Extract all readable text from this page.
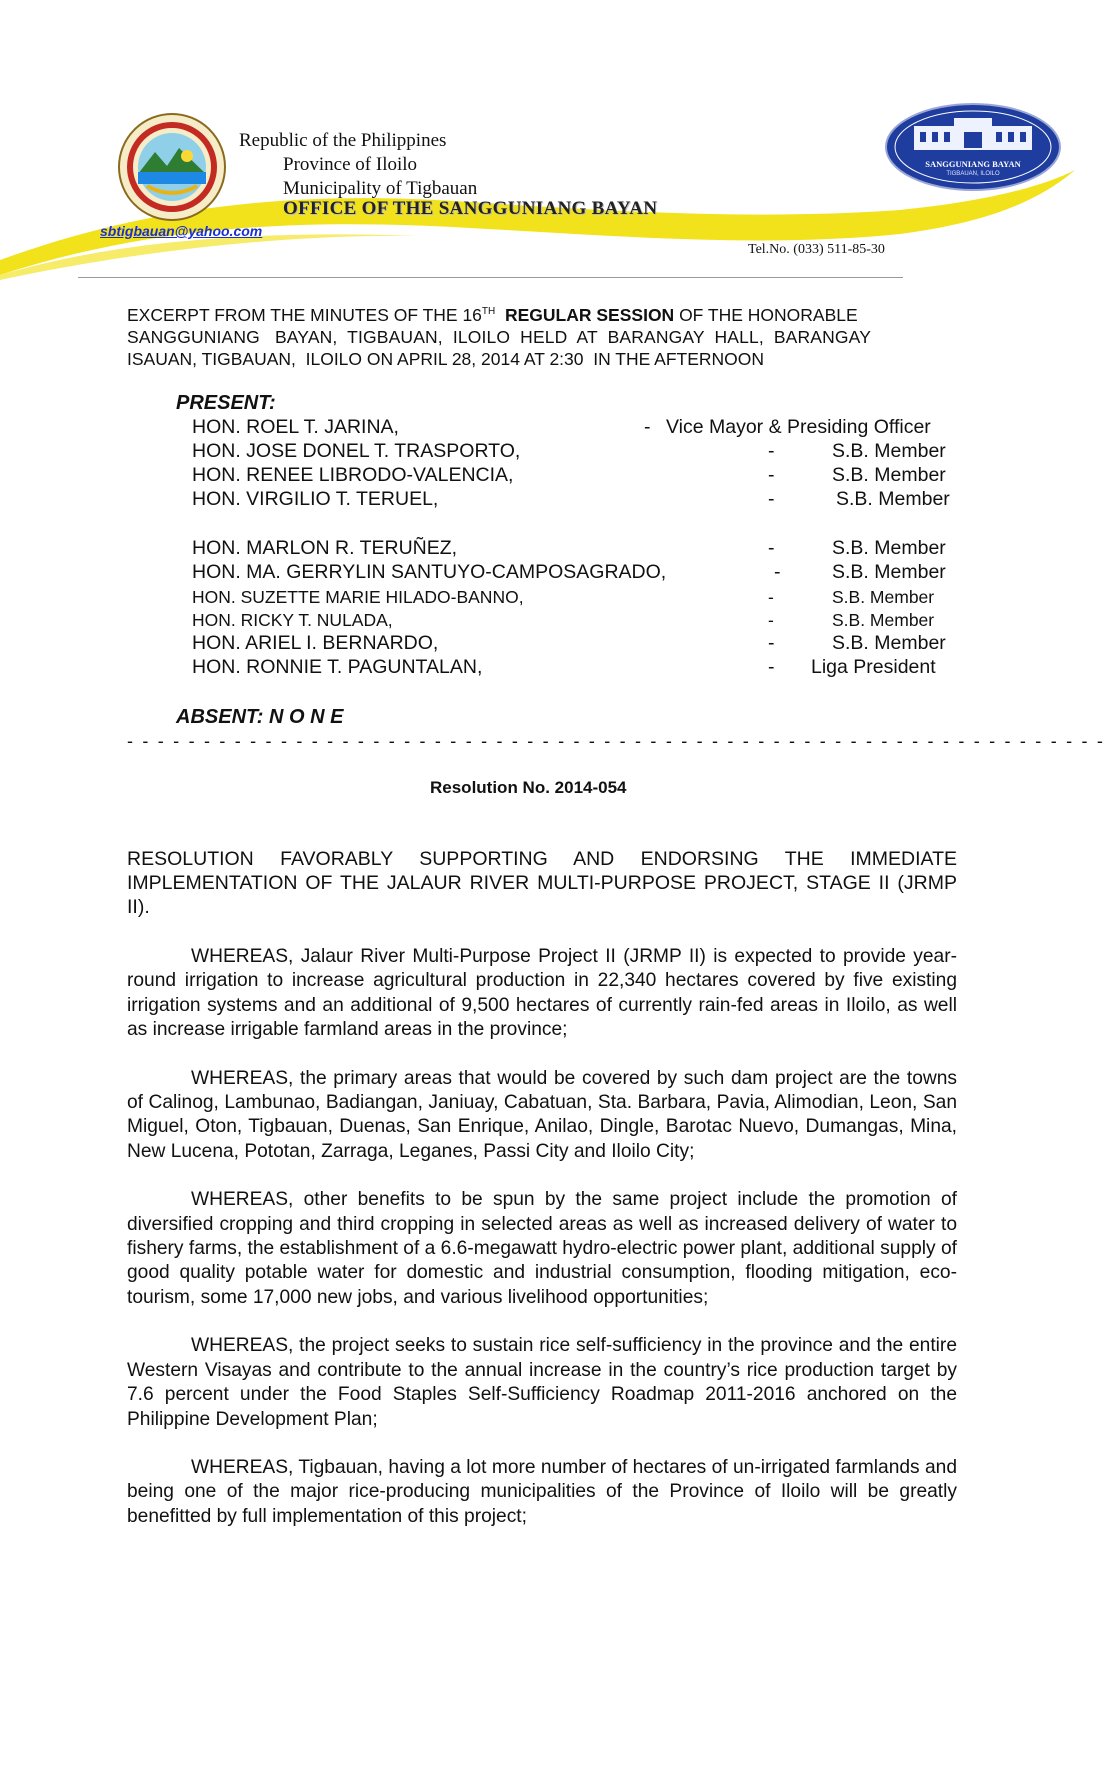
SANGGUNIANG BAYAN
TIGBAUAN, ILOILO
Republic of the Philippines
Province of Iloilo
Municipality of Tigbauan
OFFICE OF THE SANGGUNIANG BAYAN
sbtigbauan@yahoo.com
Tel.No. (033) 511-85-30

EXCERPT FROM THE MINUTES OF THE 16TH REGULAR SESSION OF THE HONORABLE

SANGGUNIANG   BAYAN,  TIGBAUAN,  ILOILO  HELD  AT  BARANGAY  HALL,  BARANGAY

ISAUAN, TIGBAUAN,  ILOILO ON APRIL 28, 2014 AT 2:30  IN THE AFTERNOON

PRESENT:
HON. ROEL T. JARINA,	- Vice Mayor & Presiding Officer
HON. JOSE DONEL T. TRASPORTO,	-	S.B. Member
HON. RENEE LIBRODO-VALENCIA,	-	S.B. Member
HON. VIRGILIO T. TERUEL,	-	S.B. Member
HON. MARLON R. TERUÑEZ,	-	S.B. Member
HON. MA. GERRYLIN SANTUYO-CAMPOSAGRADO,	-	S.B. Member
HON. SUZETTE MARIE HILADO-BANNO,	-	S.B. Member
HON. RICKY T. NULADA,	-	S.B. Member
HON. ARIEL I. BERNARDO,	-	S.B. Member
HON. RONNIE T. PAGUNTALAN,	- Liga President
ABSENT: N O N E
- - - - - - - - - - - - - - - - - - - - - - - - - - - - - - - - - - - - - - - - - - - - - - - - - - - - - - - - - - - - - - - -
Resolution No. 2014-054
RESOLUTION FAVORABLY SUPPORTING AND ENDORSING THE IMMEDIATE IMPLEMENTATION OF THE JALAUR RIVER MULTI-PURPOSE PROJECT, STAGE II (JRMP II).

WHEREAS, Jalaur River Multi-Purpose Project II (JRMP II) is expected to provide year-round irrigation to increase agricultural production in 22,340 hectares covered by five existing irrigation systems and an additional of 9,500 hectares of currently rain-fed areas in Iloilo, as well as increase irrigable farmland areas in the province;

WHEREAS, the primary areas that would be covered by such dam project are the towns of Calinog, Lambunao, Badiangan, Janiuay, Cabatuan, Sta. Barbara, Pavia, Alimodian, Leon, San Miguel, Oton, Tigbauan, Duenas, San Enrique, Anilao, Dingle, Barotac Nuevo, Dumangas, Mina, New Lucena, Pototan, Zarraga, Leganes, Passi City and Iloilo City;

WHEREAS, other benefits to be spun by the same project include the promotion of diversified cropping and third cropping in selected areas as well as increased delivery of water to fishery farms, the establishment of a 6.6-megawatt hydro-electric power plant, additional supply of good quality potable water for domestic and industrial consumption, flooding mitigation, eco-tourism, some 17,000 new jobs, and various livelihood opportunities;

WHEREAS, the project seeks to sustain rice self-sufficiency in the province and the entire Western Visayas and contribute to the annual increase in the country’s rice production target by 7.6 percent under the Food Staples Self-Sufficiency Roadmap 2011-2016 anchored on the Philippine Development Plan;

WHEREAS, Tigbauan, having a lot more number of hectares of un-irrigated farmlands and being one of the major rice-producing municipalities of the Province of Iloilo will be greatly benefitted by full implementation of this project;
